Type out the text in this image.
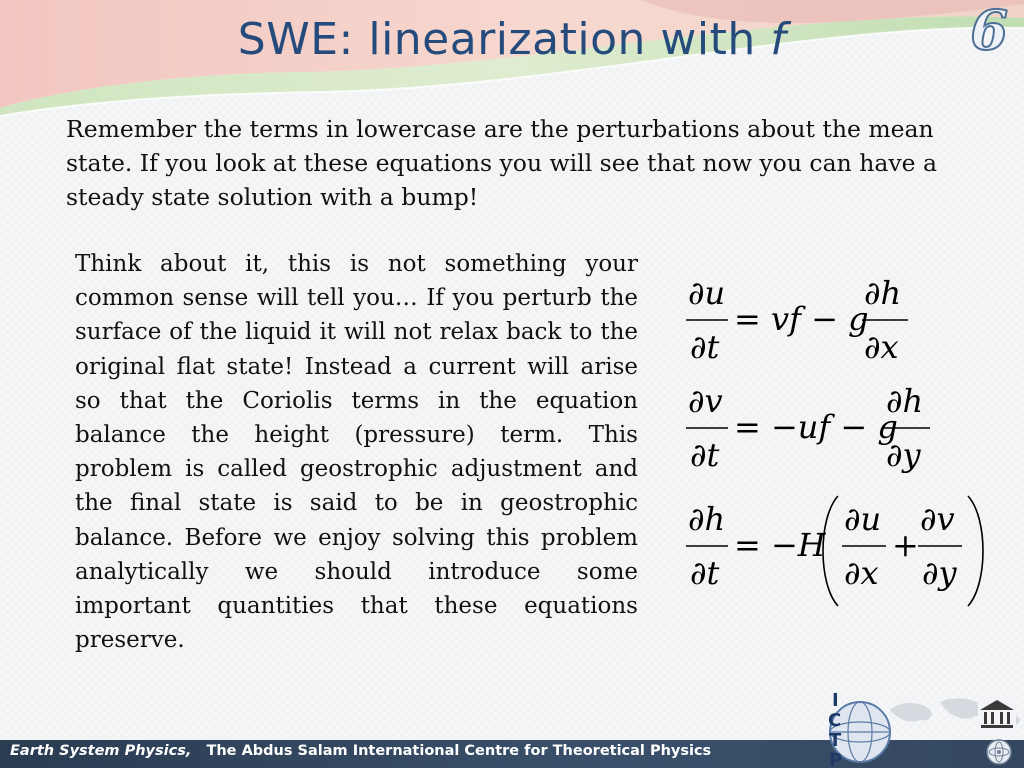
SWE: linearization with f	6
Remember the terms in lowercase are the perturbations about the mean state. If you look at these equations you will see that now you can have a steady state solution with a bump!
Think about it, this is not something your common sense will tell you… If you perturb the surface of the liquid it will not relax back to the original flat state! Instead a current will arise so that the Coriolis terms in the equation balance the height (pressure) term. This problem is called geostrophic adjustment and the final state is said to be in geostrophic balance. Before we enjoy solving this problem analytically we should introduce some important quantities that these equations preserve.
∂u
∂t
= vf − g
∂h
∂x
∂v
∂t
= −uf − g
∂h
∂y
∂h
∂t
= −H
∂u
∂x
+
∂v
∂y
Earth System Physics,   The Abdus Salam International Centre for Theoretical Physics
I
C
T
P
